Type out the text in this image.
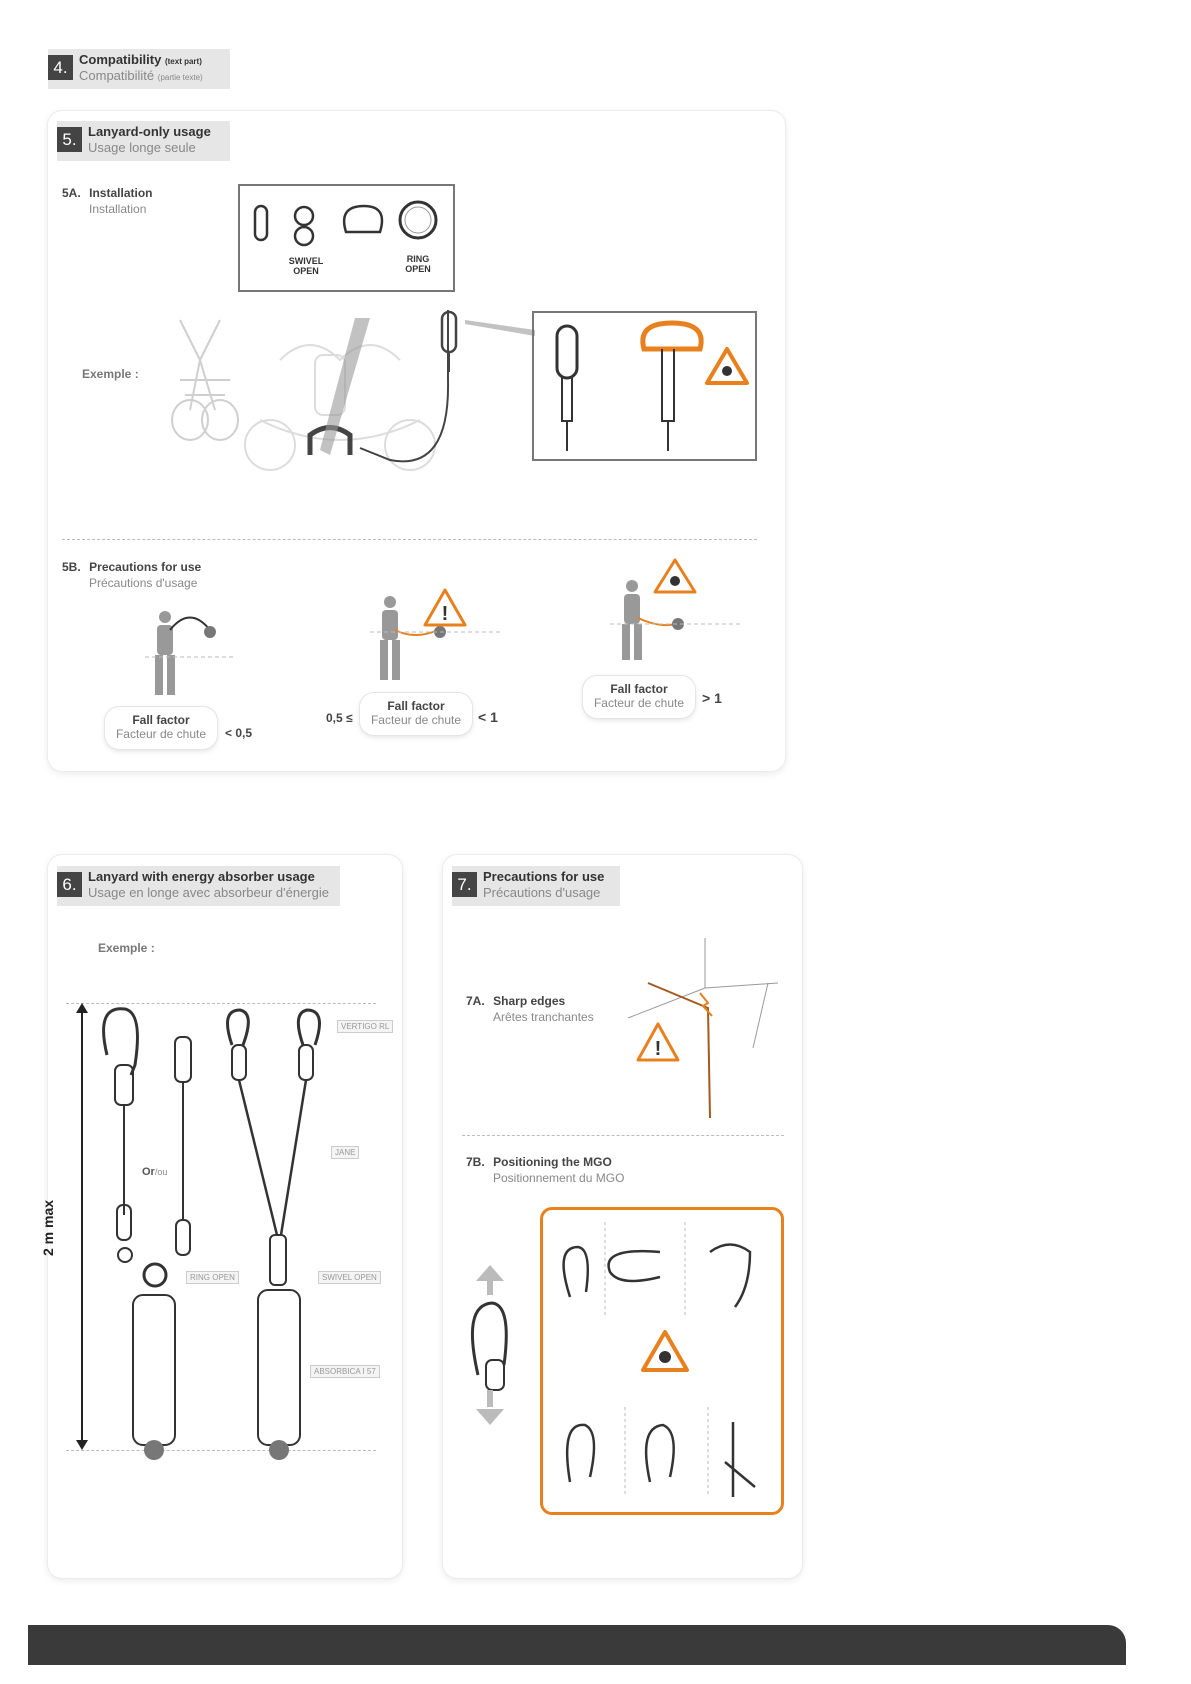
4. Compatibility (text part)
Compatibilité (partie texte)
5. Lanyard-only usage
Usage longe seule
5A. Installation
Installation
Exemple :
SWIVEL
OPEN
RING
OPEN
5B. Precautions for use
Précautions d'usage
!
Fall factor
Facteur de chute	< 0,5
0,5 ≤
Fall factor
Facteur de chute	< 1
Fall factor
Facteur de chute	> 1
6. Lanyard with energy absorber usage
Usage en longe avec absorbeur d'énergie
Exemple :
2 m max
Or/ou
VERTIGO RL
JANE
RING OPEN	SWIVEL OPEN
ABSORBICA I 57
7. Precautions for use
Précautions d'usage
7A. Sharp edges
Arêtes tranchantes
!
7B. Positioning the MGO
Positionnement du MGO
